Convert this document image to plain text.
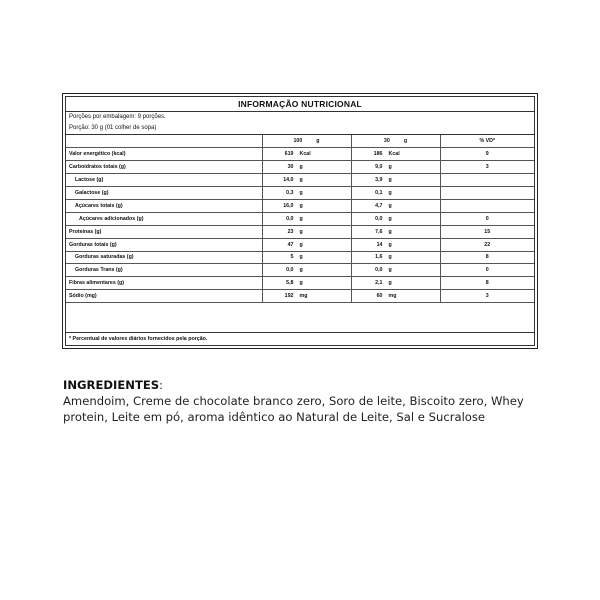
INFORMAÇÃO NUTRICIONAL
Porções por embalagem: 9 porções.
Porção: 30 g (01 colher de sopa)

	100 g	30 g	% VD*
Valor energético (kcal)	619 Kcal	186 Kcal	9
Carboidratos totais (g)	30 g	9,0 g	3
Lactose (g)	14,0 g	3,9 g	

Galactose (g)	0,3 g	0,1 g	

Açúcares totais (g)	16,0 g	4,7 g	

Açúcares adicionados (g)	0,0 g	0,0 g	0
Proteínas (g)	23 g	7,6 g	15
Gorduras totais (g)	47 g	14 g	22
Gorduras saturadas (g)	5 g	1,6 g	8
Gorduras Trans (g)	0,0 g	0,0 g	0
Fibras alimentares (g)	5,8 g	2,1 g	8
Sódio (mg)	192 mg	60 mg	3
* Percentual de valores diários fornecidos pela porção.
INGREDIENTES:
Amendoim, Creme de chocolate branco zero, Soro de leite, Biscoito zero, Whey protein, Leite em pó, aroma idêntico ao Natural de Leite, Sal e Sucralose
